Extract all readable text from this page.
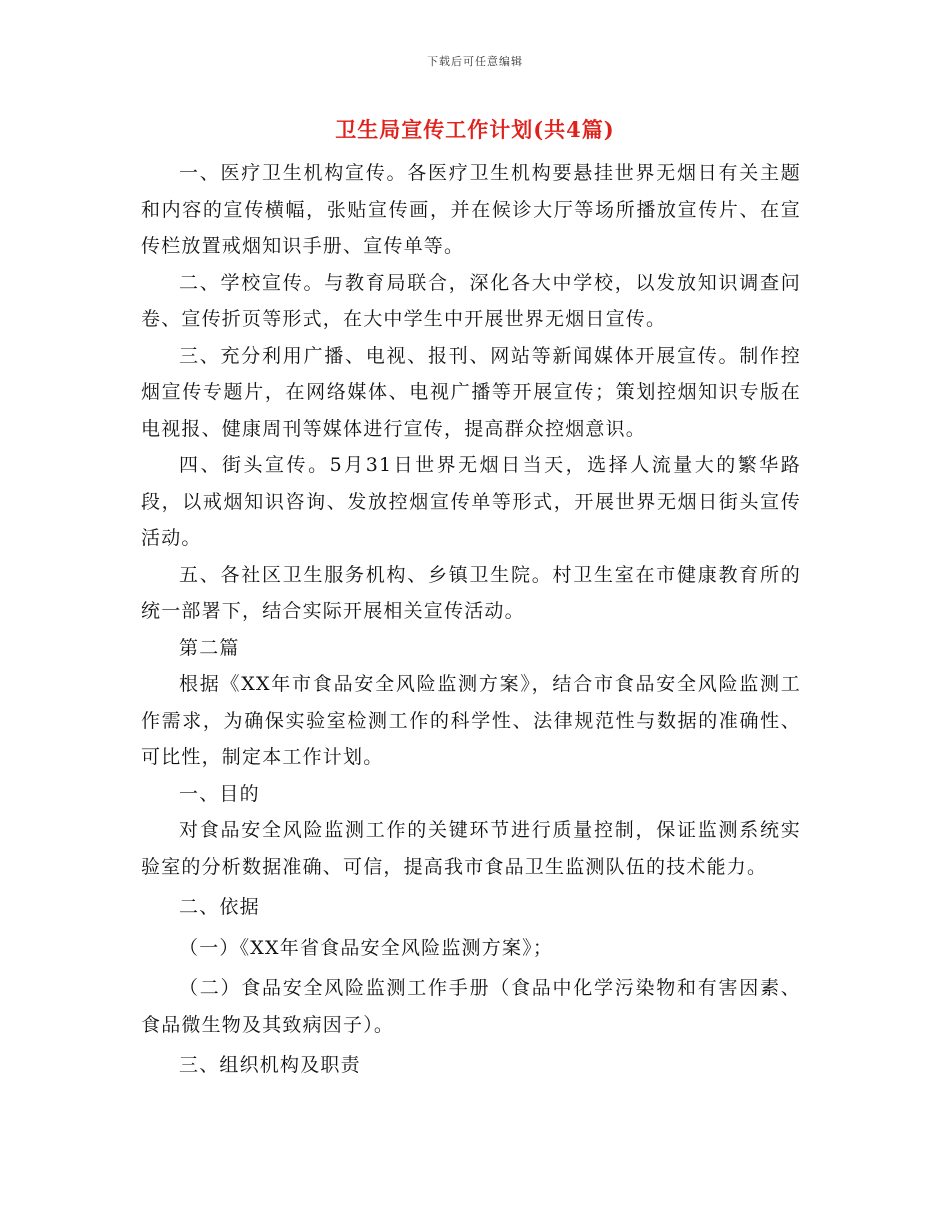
下载后可任意编辑
卫生局宣传工作计划(共4篇)

一、医疗卫生机构宣传。各医疗卫生机构要悬挂世界无烟日有关主题和内容的宣传横幅，张贴宣传画，并在候诊大厅等场所播放宣传片、在宣传栏放置戒烟知识手册、宣传单等。

二、学校宣传。与教育局联合，深化各大中学校，以发放知识调查问卷、宣传折页等形式，在大中学生中开展世界无烟日宣传。

三、充分利用广播、电视、报刊、网站等新闻媒体开展宣传。制作控烟宣传专题片，在网络媒体、电视广播等开展宣传；策划控烟知识专版在电视报、健康周刊等媒体进行宣传，提高群众控烟意识。

四、街头宣传。5月31日世界无烟日当天，选择人流量大的繁华路段，以戒烟知识咨询、发放控烟宣传单等形式，开展世界无烟日街头宣传活动。

五、各社区卫生服务机构、乡镇卫生院。村卫生室在市健康教育所的统一部署下，结合实际开展相关宣传活动。

第二篇

根据《XX年市食品安全风险监测方案》，结合市食品安全风险监测工作需求，为确保实验室检测工作的科学性、法律规范性与数据的准确性、可比性，制定本工作计划。

一、目的

对食品安全风险监测工作的关键环节进行质量控制，保证监测系统实验室的分析数据准确、可信，提高我市食品卫生监测队伍的技术能力。

二、依据

（一）《XX年省食品安全风险监测方案》；

（二）食品安全风险监测工作手册（食品中化学污染物和有害因素、食品微生物及其致病因子）。

三、组织机构及职责
